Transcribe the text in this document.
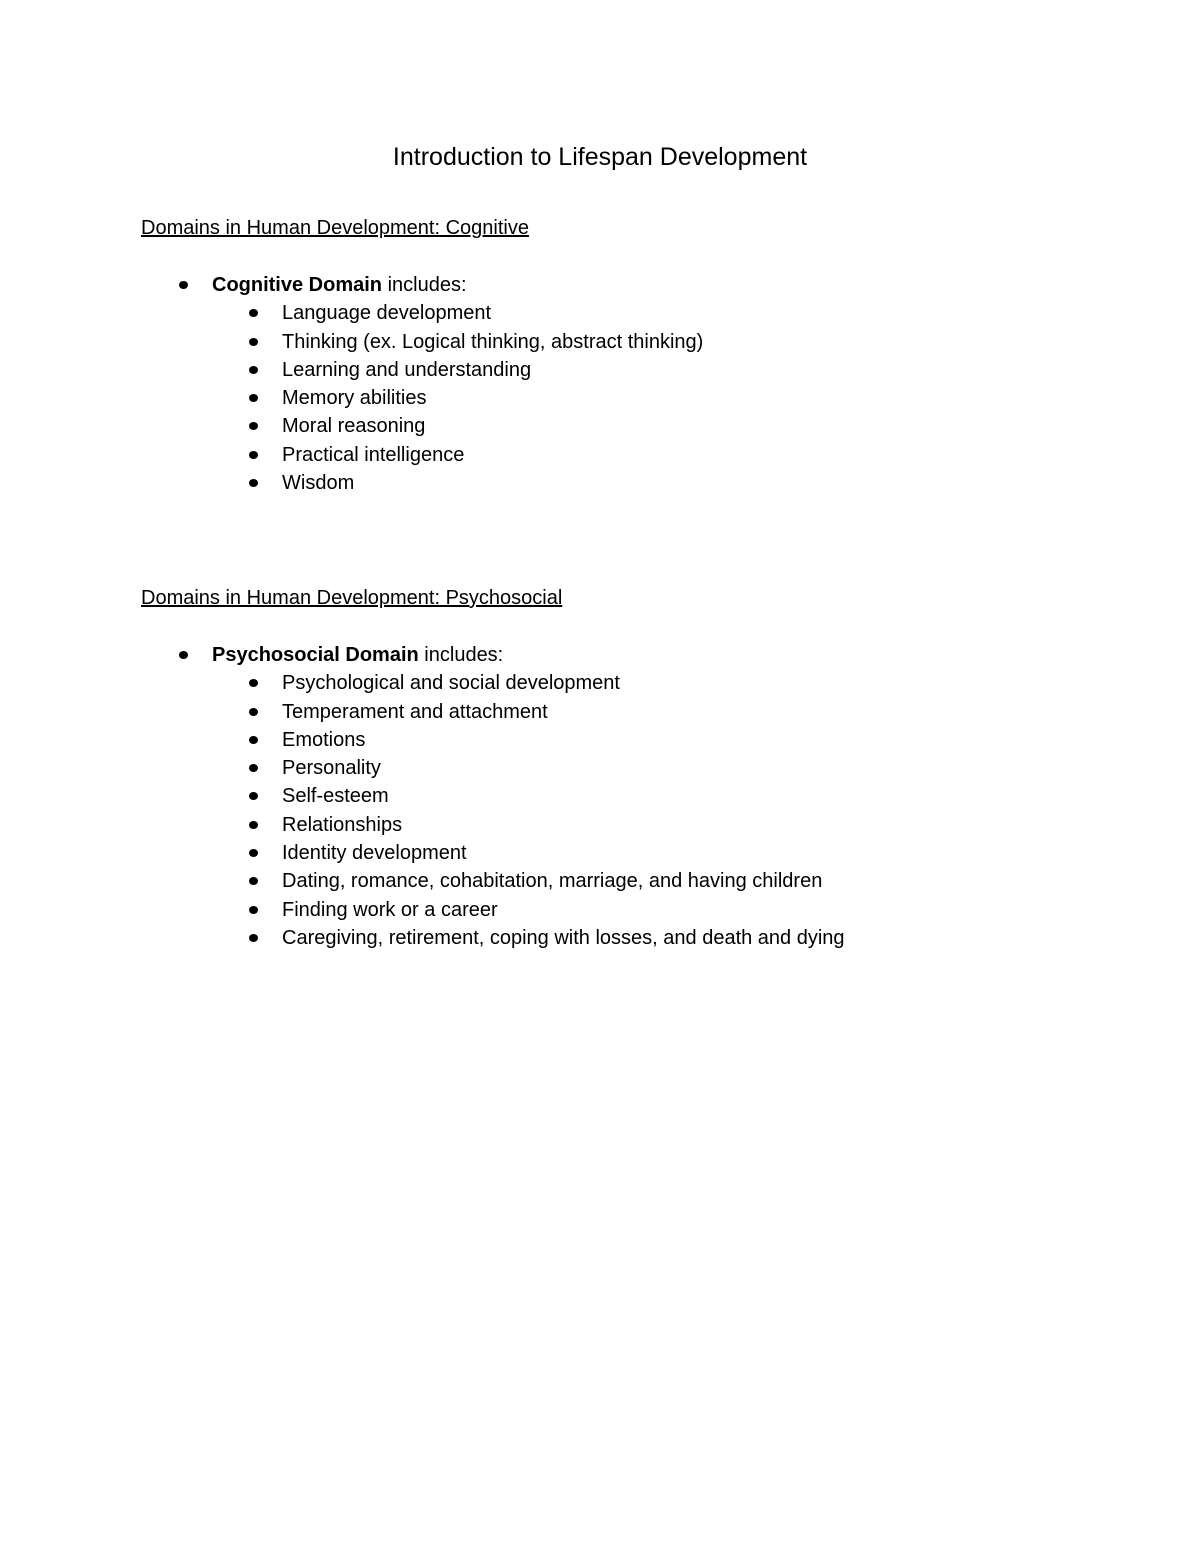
Introduction to Lifespan Development

Domains in Human Development: Cognitive

Cognitive Domain includes:
Language development
Thinking (ex. Logical thinking, abstract thinking)
Learning and understanding
Memory abilities
Moral reasoning
Practical intelligence
Wisdom

Domains in Human Development: Psychosocial

Psychosocial Domain includes:
Psychological and social development
Temperament and attachment
Emotions
Personality
Self-esteem
Relationships
Identity development
Dating, romance, cohabitation, marriage, and having children
Finding work or a career
Caregiving, retirement, coping with losses, and death and dying
